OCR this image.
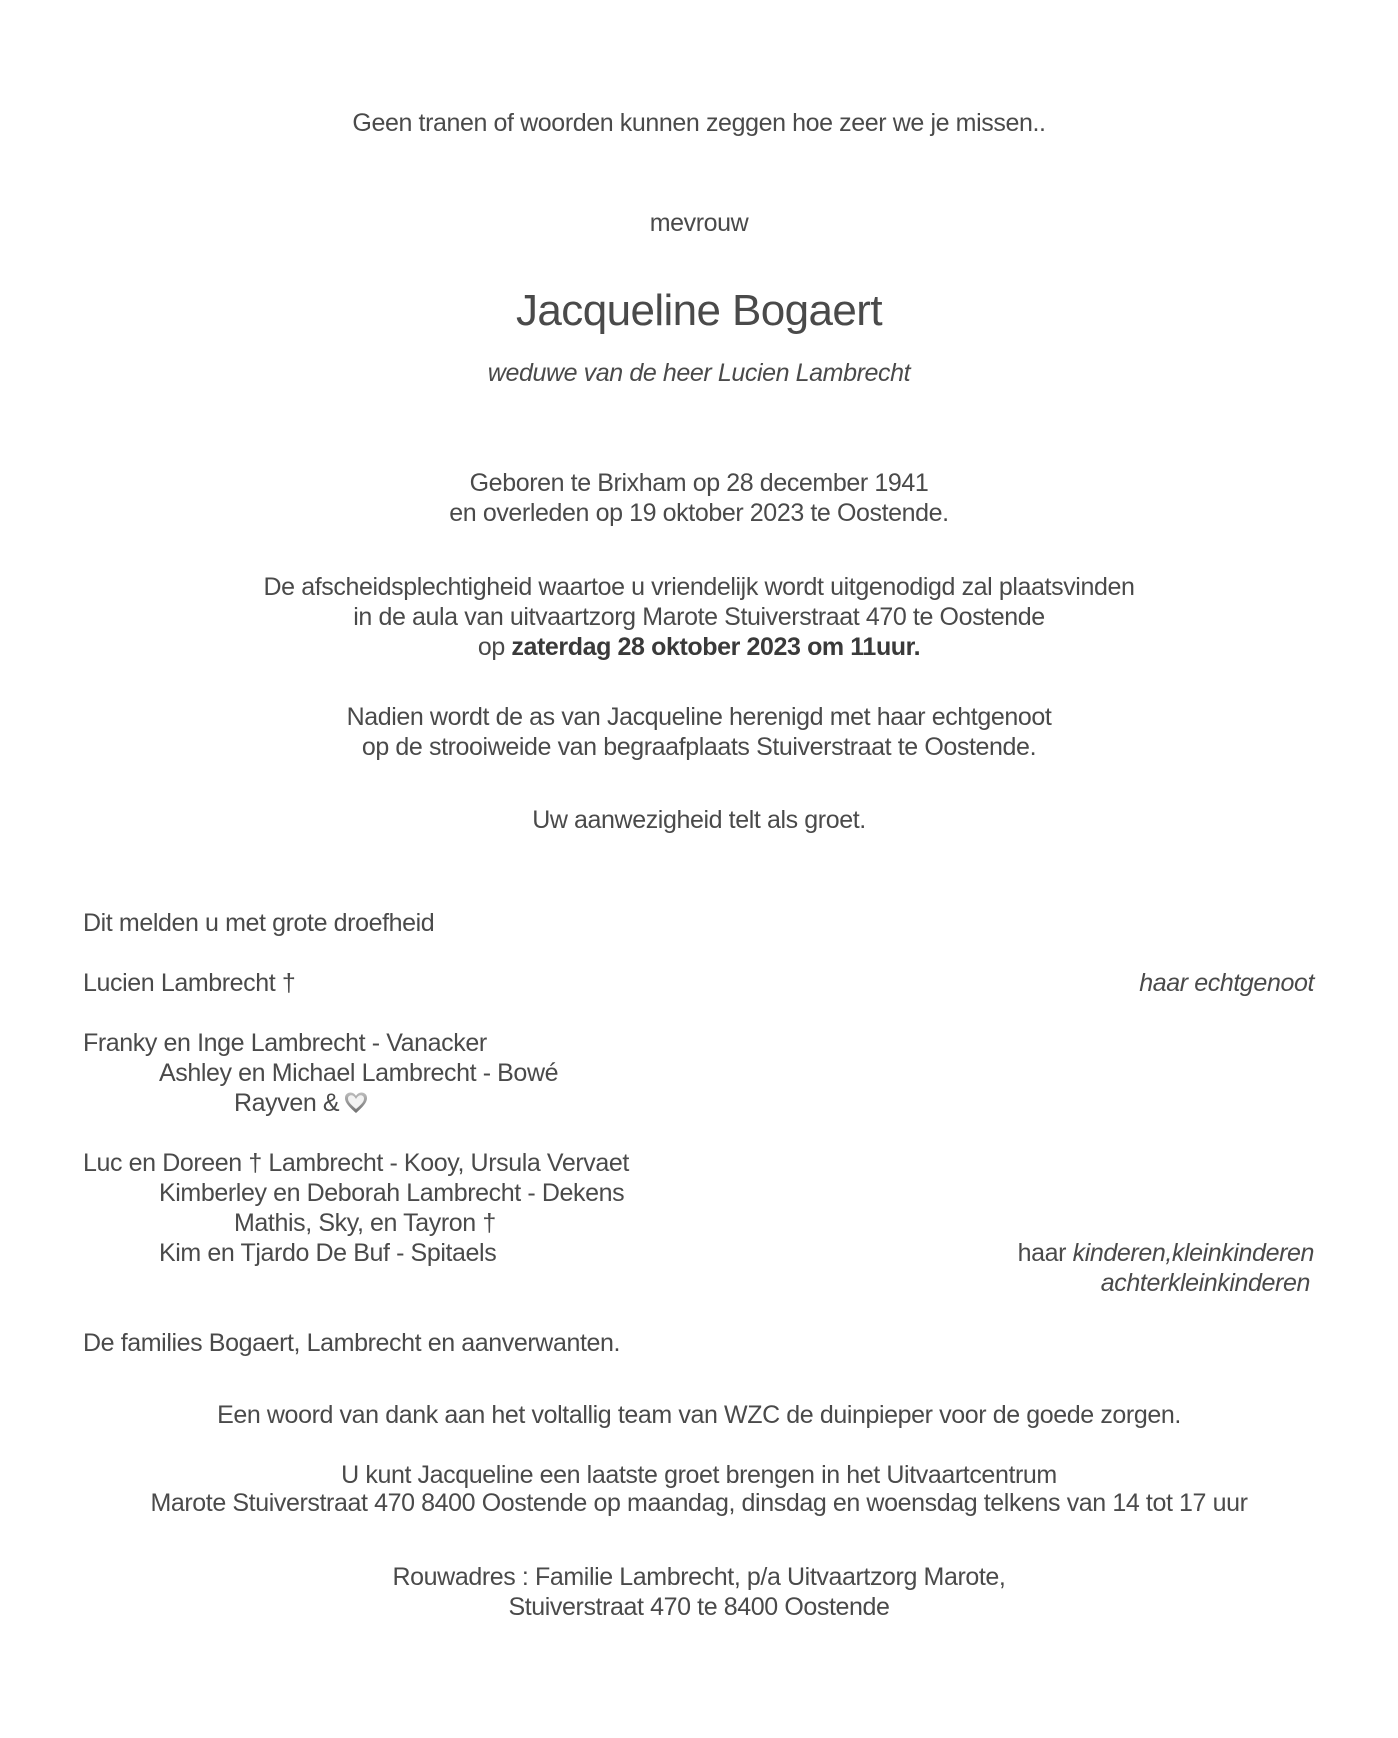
Geen tranen of woorden kunnen zeggen hoe zeer we je missen..
mevrouw
Jacqueline Bogaert
weduwe van de heer Lucien Lambrecht
Geboren te Brixham op 28 december 1941
en overleden op 19 oktober 2023 te Oostende.
De afscheidsplechtigheid waartoe u vriendelijk wordt uitgenodigd zal plaatsvinden
in de aula van uitvaartzorg Marote Stuiverstraat 470 te Oostende
op zaterdag 28 oktober 2023 om 11uur.
Nadien wordt de as van Jacqueline herenigd met haar echtgenoot
op de strooiweide van begraafplaats Stuiverstraat te Oostende.
Uw aanwezigheid telt als groet.
Dit melden u met grote droefheid
Lucien Lambrecht †	haar echtgenoot
Franky en Inge Lambrecht - Vanacker
Ashley en Michael Lambrecht - Bowé
Rayven &
Luc en Doreen † Lambrecht - Kooy, Ursula Vervaet
Kimberley en Deborah Lambrecht - Dekens
Mathis, Sky, en Tayron †
Kim en Tjardo De Buf - Spitaels	haar kinderen,kleinkinderen
achterkleinkinderen
De families Bogaert, Lambrecht en aanverwanten.
Een woord van dank aan het voltallig team van WZC de duinpieper voor de goede zorgen.
U kunt Jacqueline een laatste groet brengen in het Uitvaartcentrum
Marote Stuiverstraat 470 8400 Oostende op maandag, dinsdag en woensdag telkens van 14 tot 17 uur
Rouwadres : Familie Lambrecht, p/a Uitvaartzorg Marote,
Stuiverstraat 470 te 8400 Oostende
